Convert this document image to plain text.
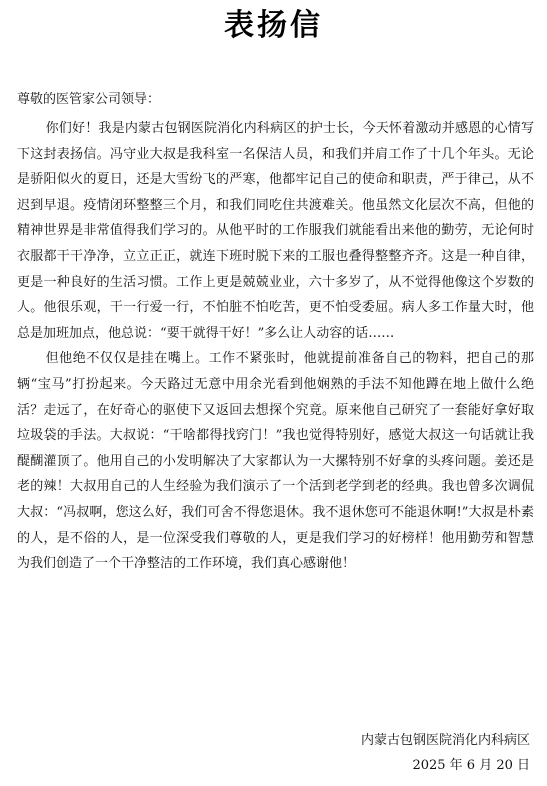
表扬信

尊敬的医管家公司领导：

你们好！我是内蒙古包钢医院消化内科病区的护士长，今天怀着激动并感恩的心情写下这封表扬信。冯守业大叔是我科室一名保洁人员，和我们并肩工作了十几个年头。无论是骄阳似火的夏日，还是大雪纷飞的严寒，他都牢记自己的使命和职责，严于律己，从不迟到早退。疫情闭环整整三个月，和我们同吃住共渡难关。他虽然文化层次不高，但他的精神世界是非常值得我们学习的。从他平时的工作服我们就能看出来他的勤劳，无论何时衣服都干干净净，立立正正，就连下班时脱下来的工服也叠得整整齐齐。这是一种自律，更是一种良好的生活习惯。工作上更是兢兢业业，六十多岁了，从不觉得他像这个岁数的人。他很乐观，干一行爱一行，不怕脏不怕吃苦，更不怕受委屈。病人多工作量大时，他总是加班加点，他总说：“要干就得干好！”多么让人动容的话……

但他绝不仅仅是挂在嘴上。工作不紧张时，他就提前准备自己的物料，把自己的那辆“宝马”打扮起来。今天路过无意中用余光看到他娴熟的手法不知他蹲在地上做什么绝活？走远了，在好奇心的驱使下又返回去想探个究竟。原来他自己研究了一套能好拿好取垃圾袋的手法。大叔说：“干啥都得找窍门！”我也觉得特别好，感觉大叔这一句话就让我醍醐灌顶了。他用自己的小发明解决了大家都认为一大摞特别不好拿的头疼问题。姜还是老的辣！大叔用自己的人生经验为我们演示了一个活到老学到老的经典。我也曾多次调侃大叔：“冯叔啊，您这么好，我们可舍不得您退休。我不退休您可不能退休啊!”大叔是朴素的人，是不俗的人，是一位深受我们尊敬的人，更是我们学习的好榜样！他用勤劳和智慧为我们创造了一个干净整洁的工作环境，我们真心感谢他！

内蒙古包钢医院消化内科病区
2025 年 6 月 20 日
